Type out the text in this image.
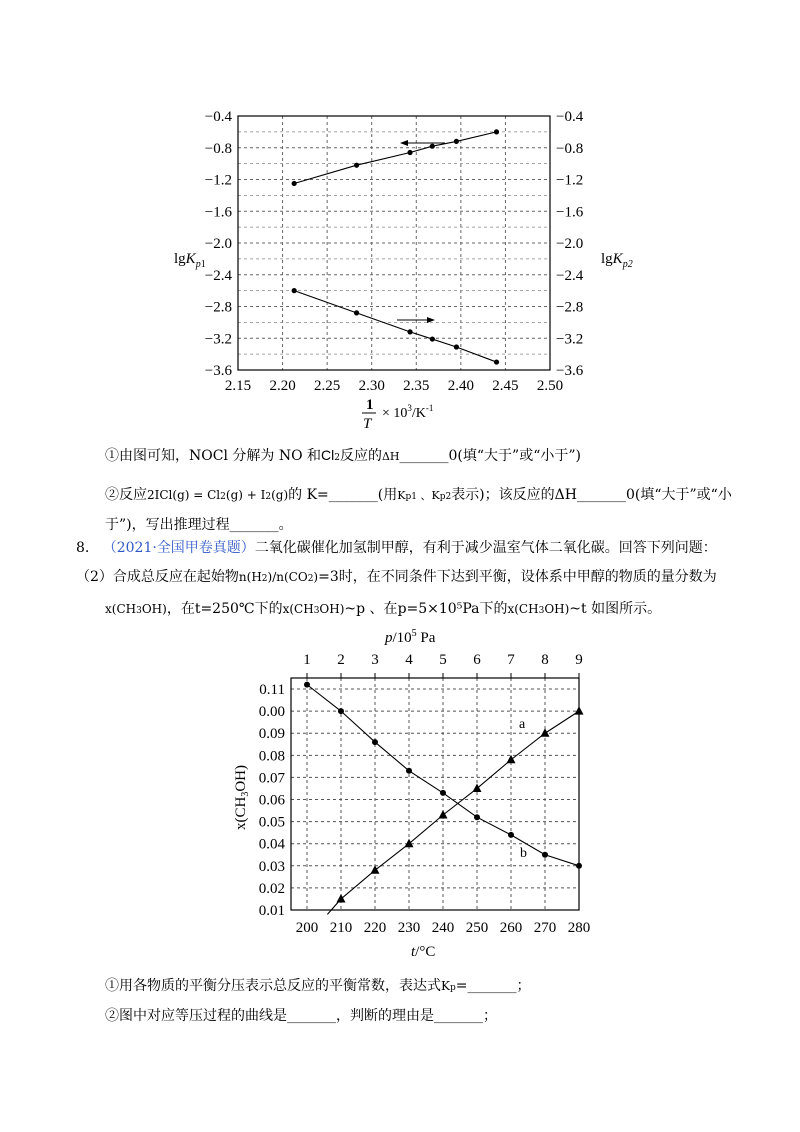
2.15 2.20 2.25 2.30 2.35 2.40 2.45 2.50
−0.4	−0.4
−0.8	−0.8
−1.2	−1.2
−1.6	−1.6
−2.0	−2.0
−2.4	−2.4
−2.8	−2.8
−3.2	−3.2
−3.6	−3.6
lgK$_p$1	lgK$_{p2}$
1
T
× $10^3/K^{-1}$
①由图可知，NOCl 分解为 NO 和Cl2反应的ΔH_______0(填“大于”或“小于”)
②反应2ICl(g) = Cl2(g) + I2(g)的 K=_______(用Kp1 、Kp2表示)；该反应的ΔH_______0(填“大于”或“小
于”)，写出推理过程_______。
8. （2021·全国甲卷真题）二氧化碳催化加氢制甲醇，有利于减少温室气体二氧化碳。回答下列问题：
（2）合成总反应在起始物n(H2)/n(CO2)=3时，在不同条件下达到平衡，设体系中甲醇的物质的量分数为
x(CH3OH)，在t=250℃下的x(CH3OH)~p 、在p=5×10⁵Pa下的x(CH3OH)~t 如图所示。
200
1
210
2
220
3
230
4
240
5
250
6
260
7
270
8
280
9
0.11
0.00
0.09
0.08
0.07
0.06
0.05
0.04
0.03
0.02
0.01
$p/10^5$ Pa
t/°C
$x(CH_3OH)$
a
b
①用各物质的平衡分压表示总反应的平衡常数，表达式Kp=_______；
②图中对应等压过程的曲线是_______，判断的理由是_______；
